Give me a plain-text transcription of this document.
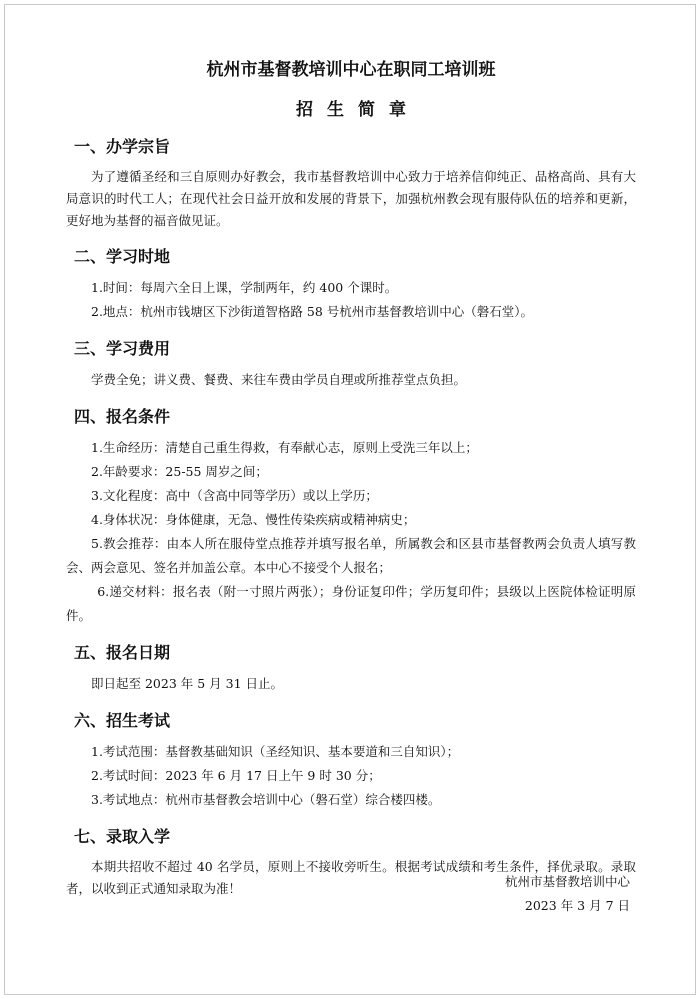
杭州市基督教培训中心在职同工培训班
招生简章
一、办学宗旨

为了遵循圣经和三自原则办好教会，我市基督教培训中心致力于培养信仰纯正、品格高尚、具有大局意识的时代工人；在现代社会日益开放和发展的背景下，加强杭州教会现有服侍队伍的培养和更新，更好地为基督的福音做见证。

二、学习时地

1.时间：每周六全日上课，学制两年，约 400 个课时。

2.地点：杭州市钱塘区下沙街道智格路 58 号杭州市基督教培训中心（磐石堂）。

三、学习费用

学费全免；讲义费、餐费、来往车费由学员自理或所推荐堂点负担。

四、报名条件

1.生命经历：清楚自己重生得救，有奉献心志，原则上受洗三年以上；

2.年龄要求：25-55 周岁之间；

3.文化程度：高中（含高中同等学历）或以上学历；

4.身体状况：身体健康，无急、慢性传染疾病或精神病史；

5.教会推荐：由本人所在服侍堂点推荐并填写报名单，所属教会和区县市基督教两会负责人填写教会、两会意见、签名并加盖公章。本中心不接受个人报名；

6.递交材料：报名表（附一寸照片两张）；身份证复印件；学历复印件；县级以上医院体检证明原件。

五、报名日期

即日起至 2023 年 5 月 31 日止。

六、招生考试

1.考试范围：基督教基础知识（圣经知识、基本要道和三自知识）；

2.考试时间：2023 年 6 月 17 日上午 9 时 30 分；

3.考试地点：杭州市基督教会培训中心（磐石堂）综合楼四楼。

七、录取入学

本期共招收不超过 40 名学员，原则上不接收旁听生。根据考试成绩和考生条件，择优录取。录取者，以收到正式通知录取为准！	杭州市基督教培训中心
2023 年 3 月 7 日
